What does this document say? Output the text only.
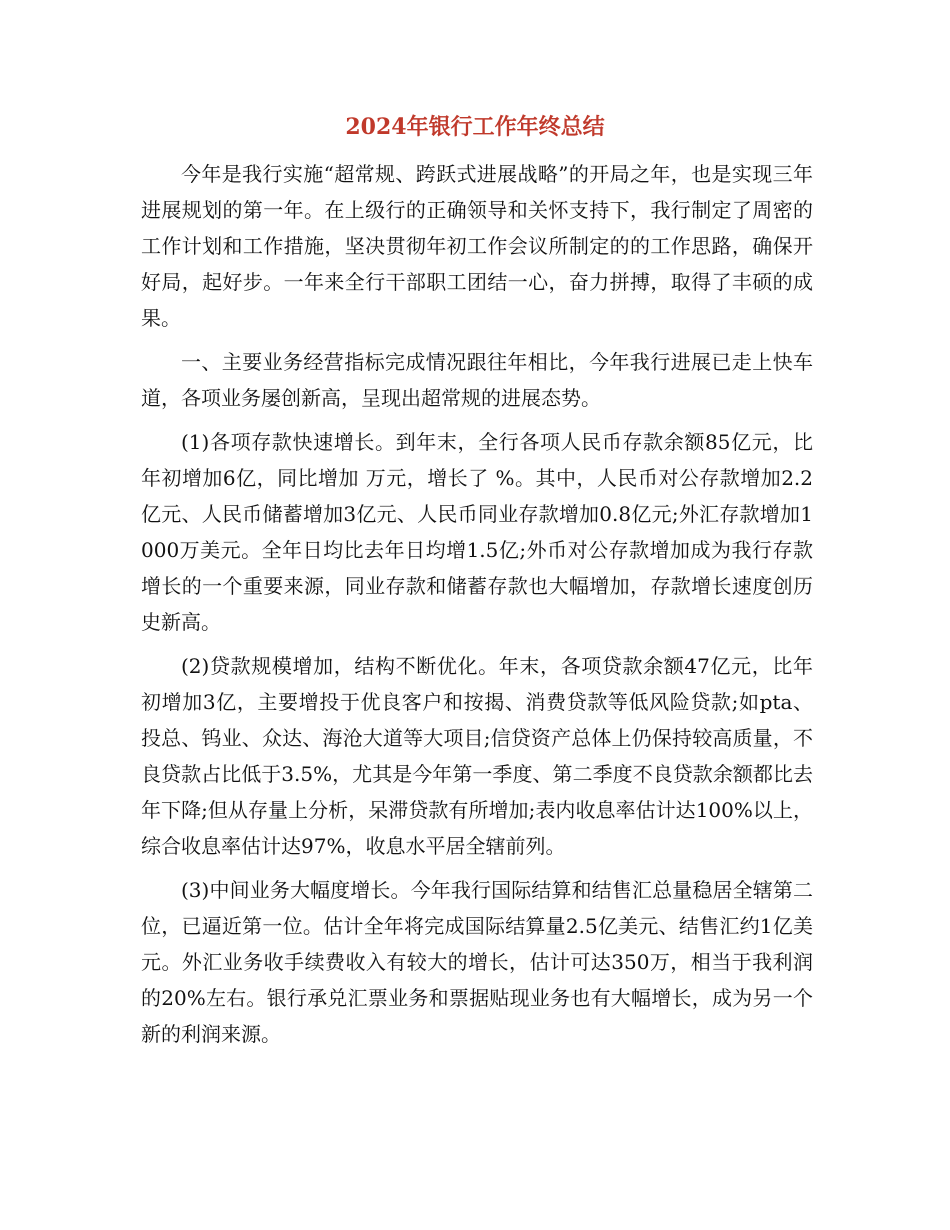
2024年银行工作年终总结

今年是我行实施“超常规、跨跃式进展战略”的开局之年，也是实现三年进展规划的第一年。在上级行的正确领导和关怀支持下，我行制定了周密的工作计划和工作措施，坚决贯彻年初工作会议所制定的的工作思路，确保开好局，起好步。一年来全行干部职工团结一心，奋力拼搏，取得了丰硕的成果。

一、主要业务经营指标完成情况跟往年相比，今年我行进展已走上快车道，各项业务屡创新高，呈现出超常规的进展态势。

(1)各项存款快速增长。到年末，全行各项人民币存款余额85亿元，比年初增加6亿，同比增加 万元，增长了 %。其中，人民币对公存款增加2.2亿元、人民币储蓄增加3亿元、人民币同业存款增加0.8亿元;外汇存款增加1000万美元。全年日均比去年日均增1.5亿;外币对公存款增加成为我行存款增长的一个重要来源，同业存款和储蓄存款也大幅增加，存款增长速度创历史新高。

(2)贷款规模增加，结构不断优化。年末，各项贷款余额47亿元，比年初增加3亿，主要增投于优良客户和按揭、消费贷款等低风险贷款;如pta、投总、钨业、众达、海沧大道等大项目;信贷资产总体上仍保持较高质量，不良贷款占比低于3.5%，尤其是今年第一季度、第二季度不良贷款余额都比去年下降;但从存量上分析，呆滞贷款有所增加;表内收息率估计达100%以上，综合收息率估计达97%，收息水平居全辖前列。

(3)中间业务大幅度增长。今年我行国际结算和结售汇总量稳居全辖第二位，已逼近第一位。估计全年将完成国际结算量2.5亿美元、结售汇约1亿美元。外汇业务收手续费收入有较大的增长，估计可达350万，相当于我利润的20%左右。银行承兑汇票业务和票据贴现业务也有大幅增长，成为另一个新的利润来源。
